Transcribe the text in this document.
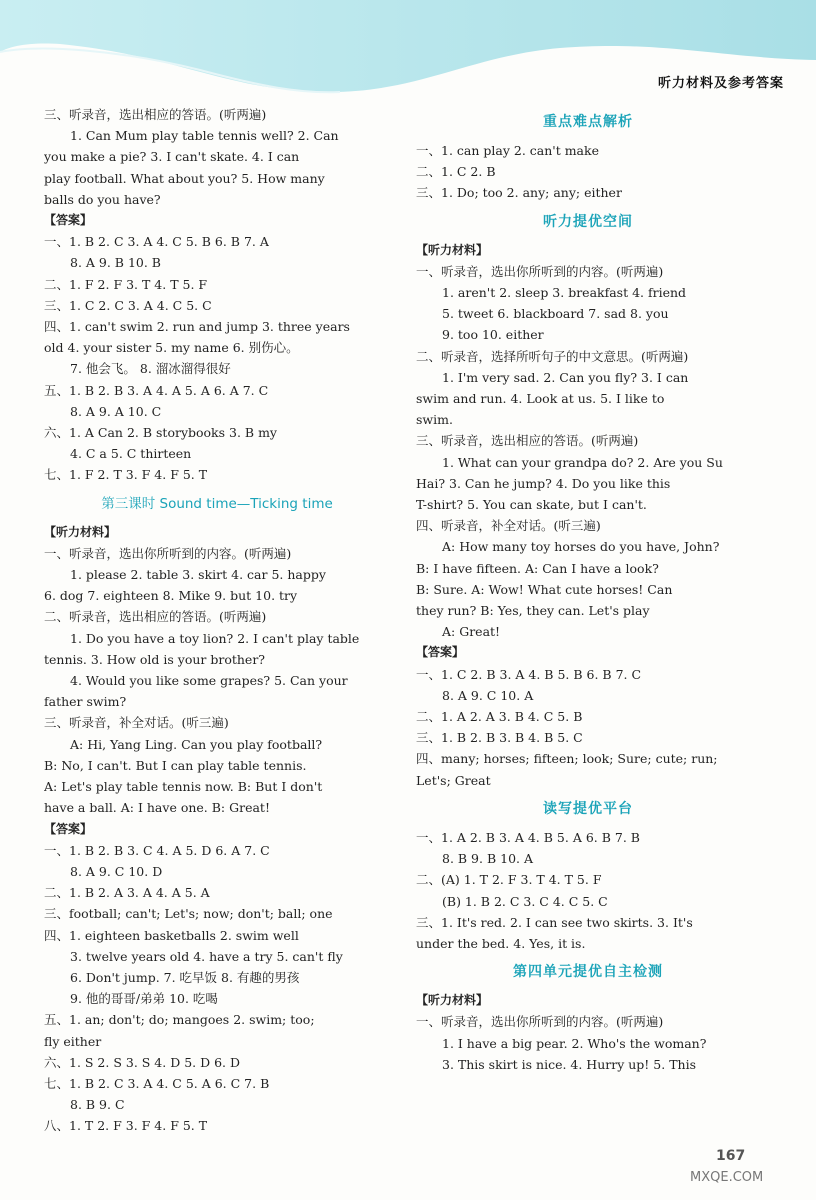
听力材料及参考答案
三、听录音，选出相应的答语。(听两遍)
1. Can Mum play table tennis well? 2. Can
you make a pie? 3. I can't skate. 4. I can
play football. What about you? 5. How many
balls do you have?
【答案】
一、1. B 2. C 3. A 4. C 5. B 6. B 7. A
8. A 9. B 10. B
二、1. F 2. F 3. T 4. T 5. F
三、1. C 2. C 3. A 4. C 5. C
四、1. can't swim 2. run and jump 3. three years
old 4. your sister 5. my name 6. 别伤心。
7. 他会飞。 8. 溜冰溜得很好
五、1. B 2. B 3. A 4. A 5. A 6. A 7. C
8. A 9. A 10. C
六、1. A Can 2. B storybooks 3. B my
4. C a 5. C thirteen
七、1. F 2. T 3. F 4. F 5. T
第三课时 Sound time—Ticking time
【听力材料】
一、听录音，选出你所听到的内容。(听两遍)
1. please 2. table 3. skirt 4. car 5. happy
6. dog 7. eighteen 8. Mike 9. but 10. try
二、听录音，选出相应的答语。(听两遍)
1. Do you have a toy lion? 2. I can't play table
tennis. 3. How old is your brother?
4. Would you like some grapes? 5. Can your
father swim?
三、听录音，补全对话。(听三遍)
A: Hi, Yang Ling. Can you play football?
B: No, I can't. But I can play table tennis.
A: Let's play table tennis now. B: But I don't
have a ball. A: I have one. B: Great!
【答案】
一、1. B 2. B 3. C 4. A 5. D 6. A 7. C
8. A 9. C 10. D
二、1. B 2. A 3. A 4. A 5. A
三、football; can't; Let's; now; don't; ball; one
四、1. eighteen basketballs 2. swim well
3. twelve years old 4. have a try 5. can't fly
6. Don't jump. 7. 吃早饭 8. 有趣的男孩
9. 他的哥哥/弟弟 10. 吃喝
五、1. an; don't; do; mangoes 2. swim; too;
fly either
六、1. S 2. S 3. S 4. D 5. D 6. D
七、1. B 2. C 3. A 4. C 5. A 6. C 7. B
8. B 9. C
八、1. T 2. F 3. F 4. F 5. T
重点难点解析
一、1. can play 2. can't make
二、1. C 2. B
三、1. Do; too 2. any; any; either
听力提优空间
【听力材料】
一、听录音，选出你所听到的内容。(听两遍)
1. aren't 2. sleep 3. breakfast 4. friend
5. tweet 6. blackboard 7. sad 8. you
9. too 10. either
二、听录音，选择所听句子的中文意思。(听两遍)
1. I'm very sad. 2. Can you fly? 3. I can
swim and run. 4. Look at us. 5. I like to
swim.
三、听录音，选出相应的答语。(听两遍)
1. What can your grandpa do? 2. Are you Su
Hai? 3. Can he jump? 4. Do you like this
T-shirt? 5. You can skate, but I can't.
四、听录音，补全对话。(听三遍)
A: How many toy horses do you have, John?
B: I have fifteen. A: Can I have a look?
B: Sure. A: Wow! What cute horses! Can
they run? B: Yes, they can. Let's play
A: Great!
【答案】
一、1. C 2. B 3. A 4. B 5. B 6. B 7. C
8. A 9. C 10. A
二、1. A 2. A 3. B 4. C 5. B
三、1. B 2. B 3. B 4. B 5. C
四、many; horses; fifteen; look; Sure; cute; run;
Let's; Great
读写提优平台
一、1. A 2. B 3. A 4. B 5. A 6. B 7. B
8. B 9. B 10. A
二、(A) 1. T 2. F 3. T 4. T 5. F
(B) 1. B 2. C 3. C 4. C 5. C
三、1. It's red. 2. I can see two skirts. 3. It's
under the bed. 4. Yes, it is.
第四单元提优自主检测
【听力材料】
一、听录音，选出你所听到的内容。(听两遍)
1. I have a big pear. 2. Who's the woman?
3. This skirt is nice. 4. Hurry up! 5. This
167
MXQE.COM
